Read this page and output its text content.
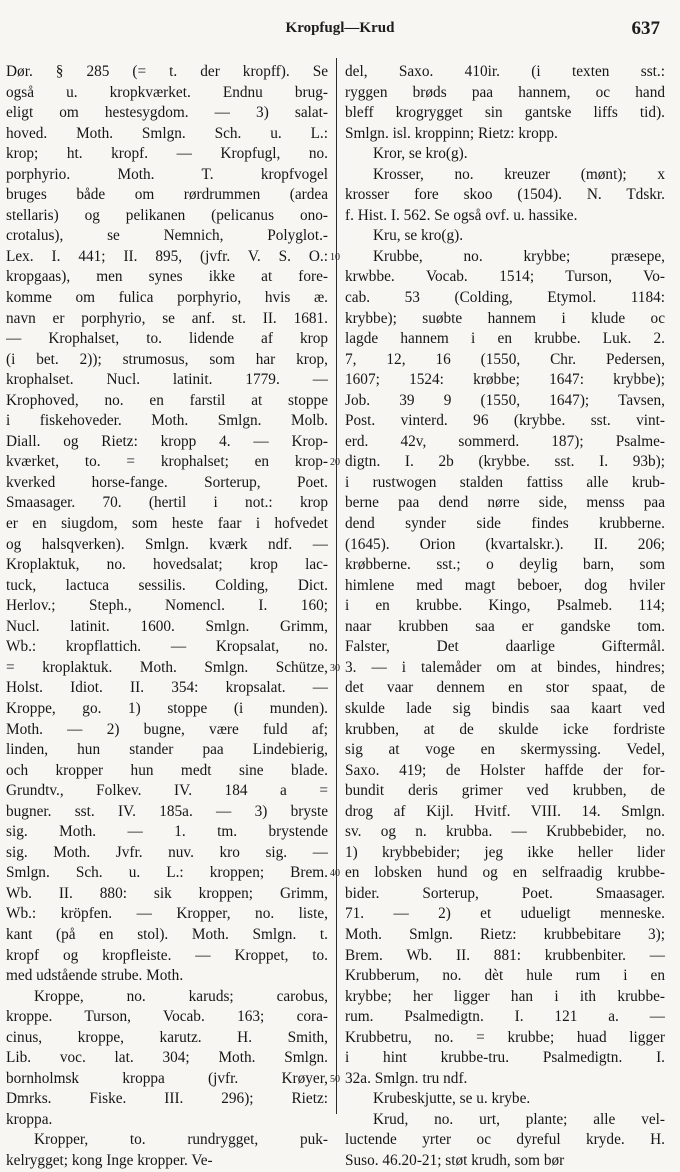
Kropfugl—Krud	637
Dør. § 285 (= t. der kropff). Se
også u. kropkværket. Endnu brug-
eligt om hestesygdom. — 3) salat-
hoved. Moth. Smlgn. Sch. u. L.:
krop; ht. kropf. — Kropfugl, no.
porphyrio. Moth. T. kropfvogel
bruges både om rørdrummen (ardea
stellaris) og pelikanen (pelicanus ono-
crotalus), se Nemnich, Polyglot.-
Lex. I. 441; II. 895, (jvfr. V. S. O.:
kropgaas), men synes ikke at fore-
komme om fulica porphyrio, hvis æ.
navn er porphyrio, se anf. st. II. 1681.
— Krophalset, to. lidende af krop
(i bet. 2)); strumosus, som har krop,
krophalset. Nucl. latinit. 1779. —
Krophoved, no. en farstil at stoppe
i fiskehoveder. Moth. Smlgn. Molb.
Diall. og Rietz: kropp 4. — Krop-
kværket, to. = krophalset; en krop-
kverked horse-fange. Sorterup, Poet.
Smaasager. 70. (hertil i not.: krop
er en siugdom, som heste faar i hofvedet
og halsqverken). Smlgn. kværk ndf. —
Kroplaktuk, no. hovedsalat; krop lac-
tuck, lactuca sessilis. Colding, Dict.
Herlov.; Steph., Nomencl. I. 160;
Nucl. latinit. 1600. Smlgn. Grimm,
Wb.: kropflattich. — Kropsalat, no.
= kroplaktuk. Moth. Smlgn. Schütze,
Holst. Idiot. II. 354: kropsalat. —
Kroppe, go. 1) stoppe (i munden).
Moth. — 2) bugne, være fuld af;
linden, hun stander paa Lindebierig,
och kropper hun medt sine blade.
Grundtv., Folkev. IV. 184 a =
bugner. sst. IV. 185a. — 3) bryste
sig. Moth. — 1. tm. brystende
sig. Moth. Jvfr. nuv. kro sig. —
Smlgn. Sch. u. L.: kroppen; Brem.
Wb. II. 880: sik kroppen; Grimm,
Wb.: kröpfen. — Kropper, no. liste,
kant (på en stol). Moth. Smlgn. t.
kropf og kropfleiste. — Kroppet, to.
med udstående strube. Moth.
Kroppe, no. karuds; carobus,
kroppe. Turson, Vocab. 163; cora-
cinus, kroppe, karutz. H. Smith,
Lib. voc. lat. 304; Moth. Smlgn.
bornholmsk kroppa (jvfr. Krøyer,
Dmrks. Fiske. III. 296); Rietz:
kroppa.
Kropper, to. rundrygget, puk-
kelrygget; kong Inge kropper. Ve-
del, Saxo. 410ir. (i texten sst.:
ryggen brøds paa hannem, oc hand
bleff krogrygget sin gantske liffs tid).
Smlgn. isl. kroppinn; Rietz: kropp.
Kror, se kro(g).
Krosser, no. kreuzer (mønt); x
krosser fore skoo (1504). N. Tdskr.
f. Hist. I. 562. Se også ovf. u. hassike.
Kru, se kro(g).
Krubbe, no. krybbe; præsepe,
krwbbe. Vocab. 1514; Turson, Vo-
cab. 53 (Colding, Etymol. 1184:
krybbe); suøbte hannem i klude oc
lagde hannem i en krubbe. Luk. 2.
7, 12, 16 (1550, Chr. Pedersen,
1607; 1524: krøbbe; 1647: krybbe);
Job. 39 9 (1550, 1647); Tavsen,
Post. vinterd. 96 (krybbe. sst. vint-
erd. 42v, sommerd. 187); Psalme-
digtn. I. 2b (krybbe. sst. I. 93b);
i rustwogen stalden fattiss alle krub-
berne paa dend nørre side, menss paa
dend synder side findes krubberne.
(1645). Orion (kvartalskr.). II. 206;
krøbberne. sst.; o deylig barn, som
himlene med magt beboer, dog hviler
i en krubbe. Kingo, Psalmeb. 114;
naar krubben saa er gandske tom.
Falster, Det daarlige Giftermål.
3. — i talemåder om at bindes, hindres;
det vaar dennem en stor spaat, de
skulde lade sig bindis saa kaart ved
krubben, at de skulde icke fordriste
sig at voge en skermyssing. Vedel,
Saxo. 419; de Holster haffde der for-
bundit deris grimer ved krubben, de
drog af Kijl. Hvitf. VIII. 14. Smlgn.
sv. og n. krubba. — Krubbebider, no.
1) krybbebider; jeg ikke heller lider
en lobsken hund og en selfraadig krubbe-
bider. Sorterup, Poet. Smaasager.
71. — 2) et udueligt menneske.
Moth. Smlgn. Rietz: krubbebitare 3);
Brem. Wb. II. 881: krubbenbiter. —
Krubberum, no. dèt hule rum i en
krybbe; her ligger han i ith krubbe-
rum. Psalmedigtn. I. 121 a. —
Krubbetru, no. = krubbe; huad ligger
i hint krubbe-tru. Psalmedigtn. I.
32a. Smlgn. tru ndf.
Krubeskjutte, se u. krybe.
Krud, no. urt, plante; alle vel-
luctende yrter oc dyreful kryde. H.
Suso. 46.20-21; støt krudh, som bør
10
20
30
40
50
